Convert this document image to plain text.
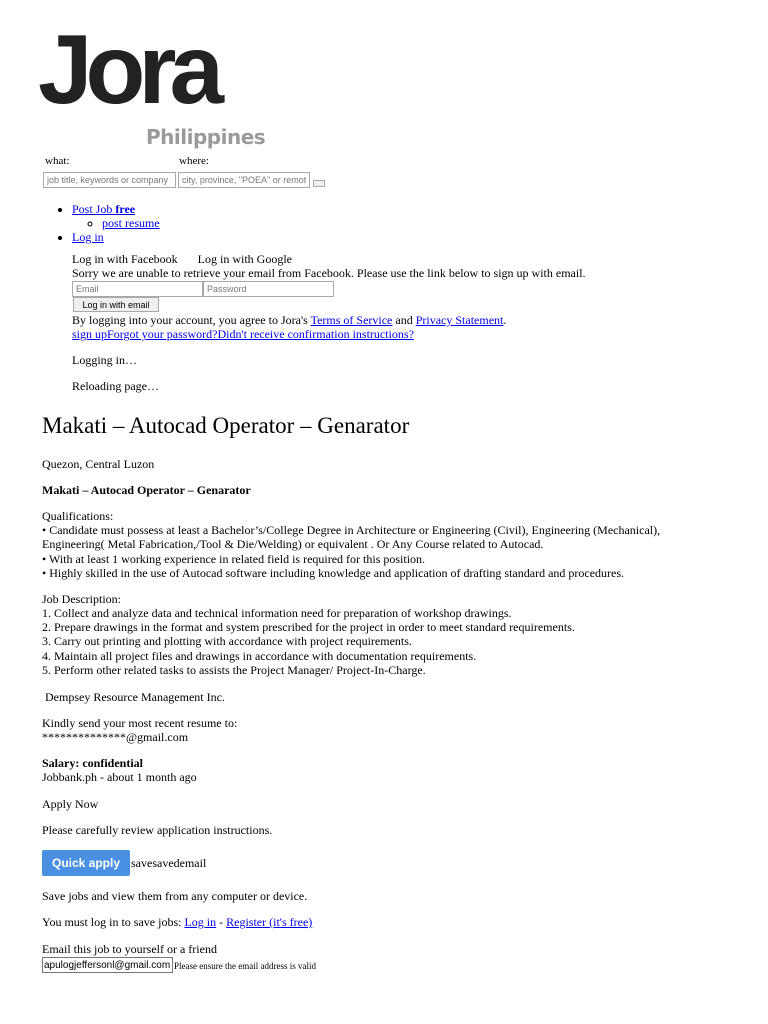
Jora
Philippines
what:	where:
job title, keywords or company
city, province, "POEA" or remote
• Post Job free
◦ post resume
• Log in
Log in with Facebook Log in with Google
Sorry we are unable to retrieve your email from Facebook. Please use the link below to sign up with email.
Email
Password
Log in with email
By logging into your account, you agree to Jora's Terms of Service and Privacy Statement.
sign upForgot your password?Didn't receive confirmation instructions?
Logging in…
Reloading page…
Makati – Autocad Operator – Genarator
Quezon, Central Luzon
Makati – Autocad Operator – Genarator
Qualifications:
• Candidate must possess at least a Bachelor’s/College Degree in Architecture or Engineering (Civil), Engineering (Mechanical),
Engineering( Metal Fabrication,/Tool & Die/Welding) or equivalent . Or Any Course related to Autocad.
• With at least 1 working experience in related field is required for this position.
• Highly skilled in the use of Autocad software including knowledge and application of drafting standard and procedures.
Job Description:
1. Collect and analyze data and technical information need for preparation of workshop drawings.
2. Prepare drawings in the format and system prescribed for the project in order to meet standard requirements.
3. Carry out printing and plotting with accordance with project requirements.
4. Maintain all project files and drawings in accordance with documentation requirements.
5. Perform other related tasks to assists the Project Manager/ Project-In-Charge.
Dempsey Resource Management Inc.
Kindly send your most recent resume to:
**************@gmail.com
Salary: confidential
Jobbank.ph - about 1 month ago
Apply Now
Please carefully review application instructions.
Quick apply savesavedemail
Save jobs and view them from any computer or device.
You must log in to save jobs: Log in - Register (it's free)
Email this job to yourself or a friend
apulogjeffersonl@gmail.com
Please ensure the email address is valid
